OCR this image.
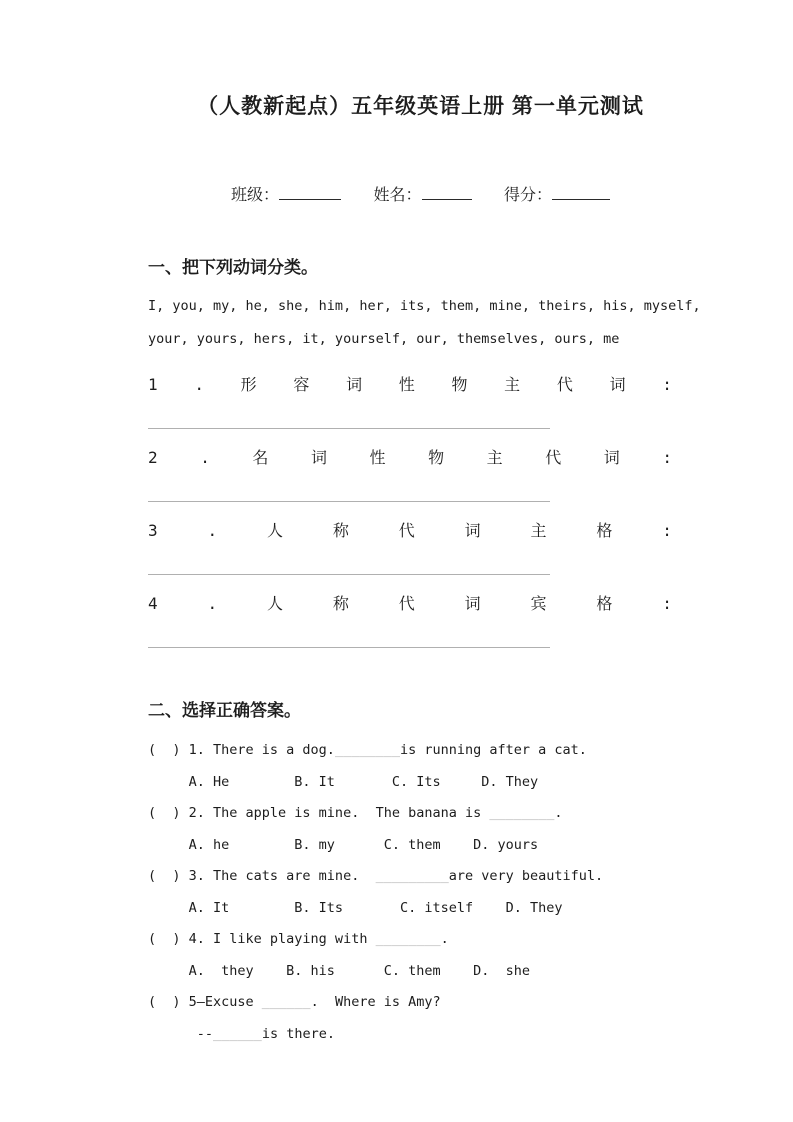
（人教新起点）五年级英语上册 第一单元测试
班级：	姓名：	得分：
一、把下列动词分类。

I, you, my, he, she, him, her, its, them, mine, theirs, his, myself,

your, yours, hers, it, yourself, our, themselves, ours, me

1 . 形 容 词 性 物 主 代 词 :
2	.	名	词	性	物	主	代	词	:
3	.	人	称	代	词	主	格	:
4	.	人	称	代	词	宾	格	:
二、选择正确答案。
(  ) 1. There is a dog.________is running after a cat.
A. He        B. It       C. Its     D. They
(  ) 2. The apple is mine.  The banana is ________.
A. he        B. my      C. them    D. yours
(  ) 3. The cats are mine.  _________are very beautiful.
A. It        B. Its       C. itself    D. They
(  ) 4. I like playing with ________.
A.  they    B. his      C. them    D.  she
(  ) 5—Excuse ______.  Where is Amy?
--______is there.
